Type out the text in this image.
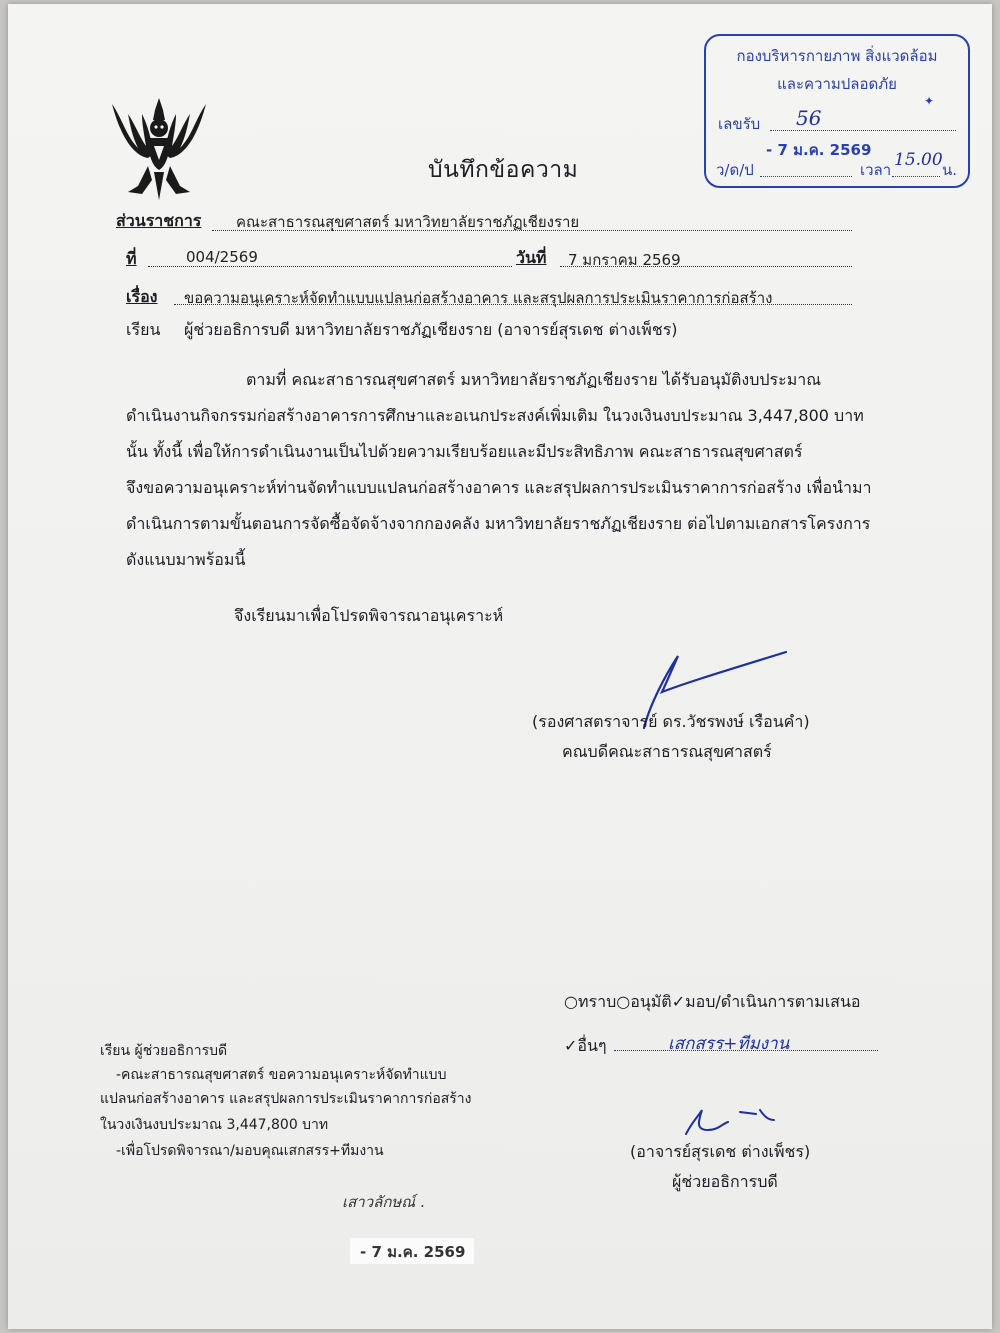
กองบริหารกายภาพ สิ่งแวดล้อม
และความปลอดภัย
เลขรับ 56
✦
- 7 ม.ค. 2569
ว/ด/ป	เวลา 15.00 น.
บันทึกข้อความ
ส่วนราชการ คณะสาธารณสุขศาสตร์ มหาวิทยาลัยราชภัฏเชียงราย
ที่	004/2569	วันที่ 7 มกราคม 2569
เรื่อง ขอความอนุเคราะห์จัดทำแบบแปลนก่อสร้างอาคาร และสรุปผลการประเมินราคาการก่อสร้าง
เรียน ผู้ช่วยอธิการบดี มหาวิทยาลัยราชภัฏเชียงราย (อาจารย์สุรเดช ต่างเพ็ชร)
ตามที่ คณะสาธารณสุขศาสตร์ มหาวิทยาลัยราชภัฏเชียงราย ได้รับอนุมัติงบประมาณ
ดำเนินงานกิจกรรมก่อสร้างอาคารการศึกษาและอเนกประสงค์เพิ่มเติม ในวงเงินงบประมาณ 3,447,800 บาท
นั้น ทั้งนี้ เพื่อให้การดำเนินงานเป็นไปด้วยความเรียบร้อยและมีประสิทธิภาพ คณะสาธารณสุขศาสตร์
จึงขอความอนุเคราะห์ท่านจัดทำแบบแปลนก่อสร้างอาคาร และสรุปผลการประเมินราคาการก่อสร้าง เพื่อนำมา
ดำเนินการตามขั้นตอนการจัดซื้อจัดจ้างจากกองคลัง มหาวิทยาลัยราชภัฏเชียงราย ต่อไปตามเอกสารโครงการ
ดังแนบมาพร้อมนี้
จึงเรียนมาเพื่อโปรดพิจารณาอนุเคราะห์
(รองศาสตราจารย์ ดร.วัชรพงษ์ เรือนคำ)
คณบดีคณะสาธารณสุขศาสตร์
เรียน ผู้ช่วยอธิการบดี
-คณะสาธารณสุขศาสตร์ ขอความอนุเคราะห์จัดทำแบบ
แปลนก่อสร้างอาคาร และสรุปผลการประเมินราคาการก่อสร้าง
ในวงเงินงบประมาณ 3,447,800 บาท
-เพื่อโปรดพิจารณา/มอบคุณเสกสรร+ทีมงาน
เสาวลักษณ์ .
- 7 ม.ค. 2569
○ทราบ○อนุมัติ✓มอบ/ดำเนินการตามเสนอ
✓อื่นๆ	เสกสรร+ทีมงาน
(อาจารย์สุรเดช ต่างเพ็ชร)
ผู้ช่วยอธิการบดี
